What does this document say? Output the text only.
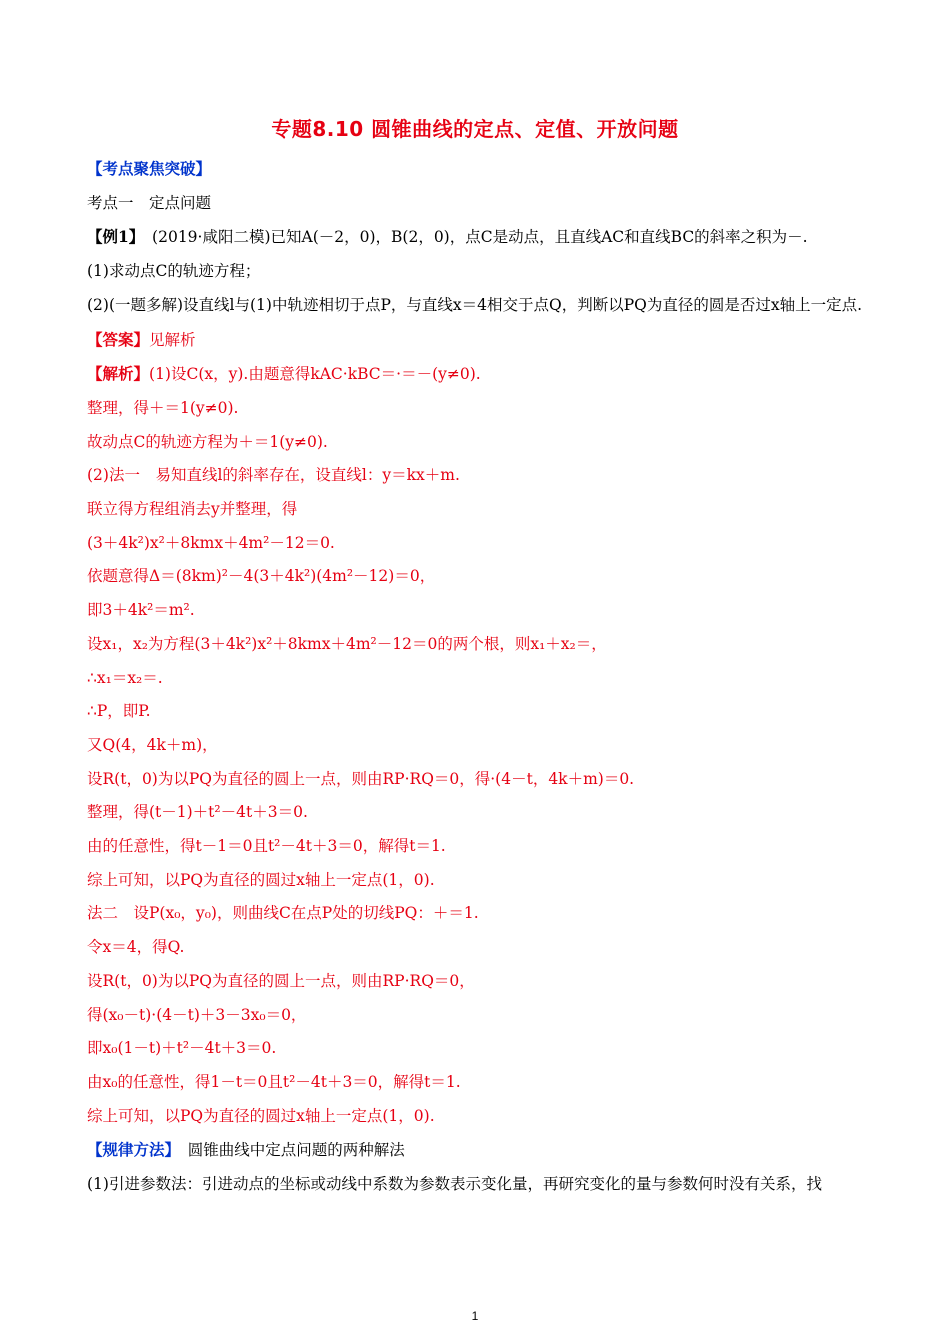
专题8.10 圆锥曲线的定点、定值、开放问题
【考点聚焦突破】
考点一　定点问题
【例1】　(2019·咸阳二模)已知A(－2，0)，B(2，0)，点C是动点，且直线AC和直线BC的斜率之积为－.
(1)求动点C的轨迹方程；
(2)(一题多解)设直线l与(1)中轨迹相切于点P，与直线x＝4相交于点Q，判断以PQ为直径的圆是否过x轴上一定点.
【答案】见解析
【解析】(1)设C(x，y).由题意得kAC·kBC＝·＝－(y≠0).
整理，得＋＝1(y≠0).
故动点C的轨迹方程为＋＝1(y≠0).
(2)法一　易知直线l的斜率存在，设直线l：y＝kx＋m.
联立得方程组消去y并整理，得
(3＋4k²)x²＋8kmx＋4m²－12＝0.
依题意得Δ＝(8km)²－4(3＋4k²)(4m²－12)＝0，
即3＋4k²＝m².
设x₁，x₂为方程(3＋4k²)x²＋8kmx＋4m²－12＝0的两个根，则x₁＋x₂＝，
∴x₁＝x₂＝.
∴P，即P.
又Q(4，4k＋m)，
设R(t，0)为以PQ为直径的圆上一点，则由RP·RQ＝0，得·(4－t，4k＋m)＝0.
整理，得(t－1)＋t²－4t＋3＝0.
由的任意性，得t－1＝0且t²－4t＋3＝0，解得t＝1.
综上可知，以PQ为直径的圆过x轴上一定点(1，0).
法二　设P(x₀，y₀)，则曲线C在点P处的切线PQ：＋＝1.
令x＝4，得Q.
设R(t，0)为以PQ为直径的圆上一点，则由RP·RQ＝0，
得(x₀－t)·(4－t)＋3－3x₀＝0，
即x₀(1－t)＋t²－4t＋3＝0.
由x₀的任意性，得1－t＝0且t²－4t＋3＝0，解得t＝1.
综上可知，以PQ为直径的圆过x轴上一定点(1，0).
【规律方法】　圆锥曲线中定点问题的两种解法
(1)引进参数法：引进动点的坐标或动线中系数为参数表示变化量，再研究变化的量与参数何时没有关系，找
1
